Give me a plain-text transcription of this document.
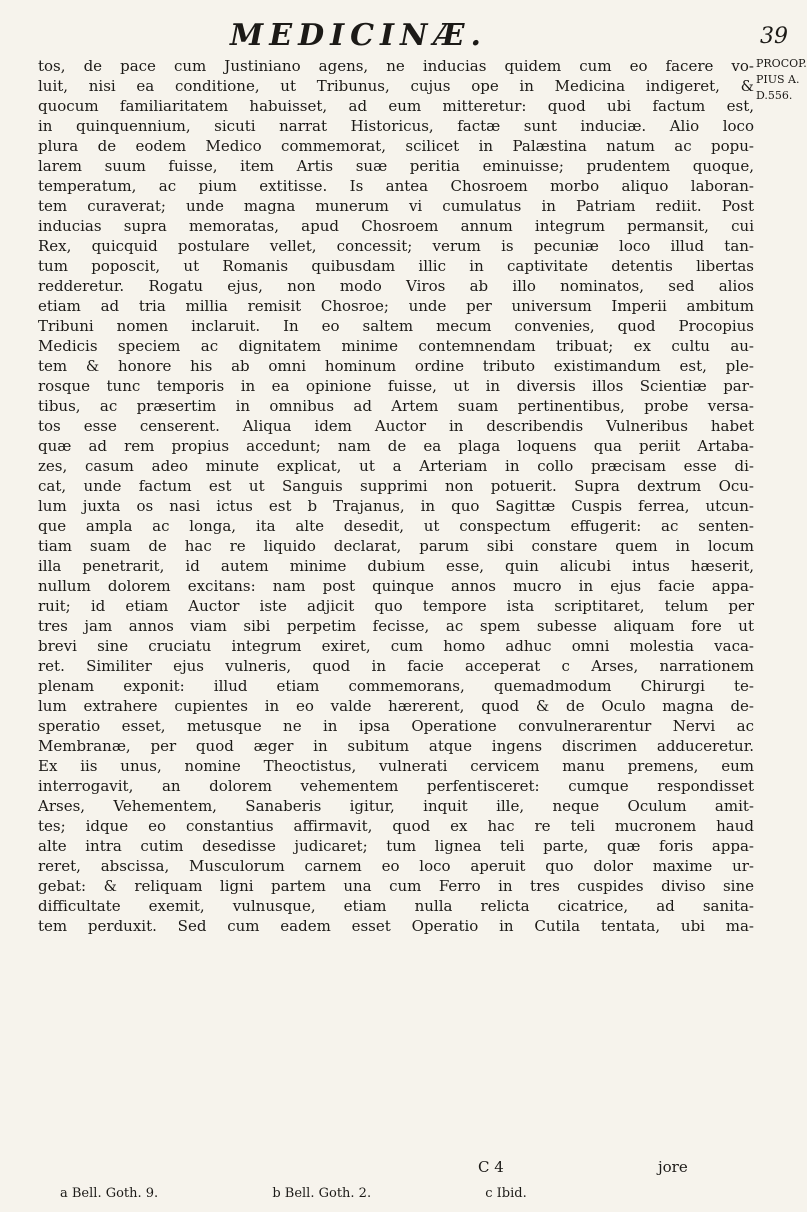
MEDICINÆ.	39
PROCOP.
PIUS A.
D.556.
tos, de pace cum Justiniano agens, ne inducias quidem cum eo facere vo-
luit, nisi ea conditione, ut Tribunus, cujus ope in Medicina indigeret, &
quocum familiaritatem habuisset, ad eum mitteretur: quod ubi factum est,
in quinquennium, sicuti narrat Historicus, factæ sunt induciæ. Alio loco
plura de eodem Medico commemorat, scilicet in Palæstina natum ac popu-
larem suum fuisse, item Artis suæ peritia eminuisse; prudentem quoque,
temperatum, ac pium extitisse. Is antea Chosroem morbo aliquo laboran-
tem curaverat; unde magna munerum vi cumulatus in Patriam rediit. Post
inducias supra memoratas, apud Chosroem annum integrum permansit, cui
Rex, quicquid postulare vellet, concessit; verum is pecuniæ loco illud tan-
tum poposcit, ut Romanis quibusdam illic in captivitate detentis libertas
redderetur. Rogatu ejus, non modo Viros ab illo nominatos, sed alios
etiam ad tria millia remisit Chosroe; unde per universum Imperii ambitum
Tribuni nomen inclaruit. In eo saltem mecum convenies, quod Procopius
Medicis speciem ac dignitatem minime contemnendam tribuat; ex cultu au-
tem & honore his ab omni hominum ordine tributo existimandum est, ple-
rosque tunc temporis in ea opinione fuisse, ut in diversis illos Scientiæ par-
tibus, ac præsertim in omnibus ad Artem suam pertinentibus, probe versa-
tos esse censerent. Aliqua idem Auctor in describendis Vulneribus habet
quæ ad rem propius accedunt; nam de ea plaga loquens qua periit Artaba-
zes, casum adeo minute explicat, ut a Arteriam in collo præcisam esse di-
cat, unde factum est ut Sanguis supprimi non potuerit. Supra dextrum Ocu-
lum juxta os nasi ictus est b Trajanus, in quo Sagittæ Cuspis ferrea, utcun-
que ampla ac longa, ita alte desedit, ut conspectum effugerit: ac senten-
tiam suam de hac re liquido declarat, parum sibi constare quem in locum
illa penetrarit, id autem minime dubium esse, quin alicubi intus hæserit,
nullum dolorem excitans: nam post quinque annos mucro in ejus facie appa-
ruit; id etiam Auctor iste adjicit quo tempore ista scriptitaret, telum per
tres jam annos viam sibi perpetim fecisse, ac spem subesse aliquam fore ut
brevi sine cruciatu integrum exiret, cum homo adhuc omni molestia vaca-
ret. Similiter ejus vulneris, quod in facie acceperat c Arses, narrationem
plenam exponit: illud etiam commemorans, quemadmodum Chirurgi te-
lum extrahere cupientes in eo valde hærerent, quod & de Oculo magna de-
speratio esset, metusque ne in ipsa Operatione convulnerarentur Nervi ac
Membranæ, per quod æger in subitum atque ingens discrimen adduceretur.
Ex iis unus, nomine Theoctistus, vulnerati cervicem manu premens, eum
interrogavit, an dolorem vehementem perfentisceret: cumque respondisset
Arses, Vehementem, Sanaberis igitur, inquit ille, neque Oculum amit-
tes; idque eo constantius affirmavit, quod ex hac re teli mucronem haud
alte intra cutim desedisse judicaret; tum lignea teli parte, quæ foris appa-
reret, abscissa, Musculorum carnem eo loco aperuit quo dolor maxime ur-
gebat: & reliquam ligni partem una cum Ferro in tres cuspides diviso sine
difficultate exemit, vulnusque, etiam nulla relicta cicatrice, ad sanita-
tem perduxit. Sed cum eadem esset Operatio in Cutila tentata, ubi ma-
C 4	jore
a Bell. Goth. 9.	b Bell. Goth. 2.	c Ibid.
